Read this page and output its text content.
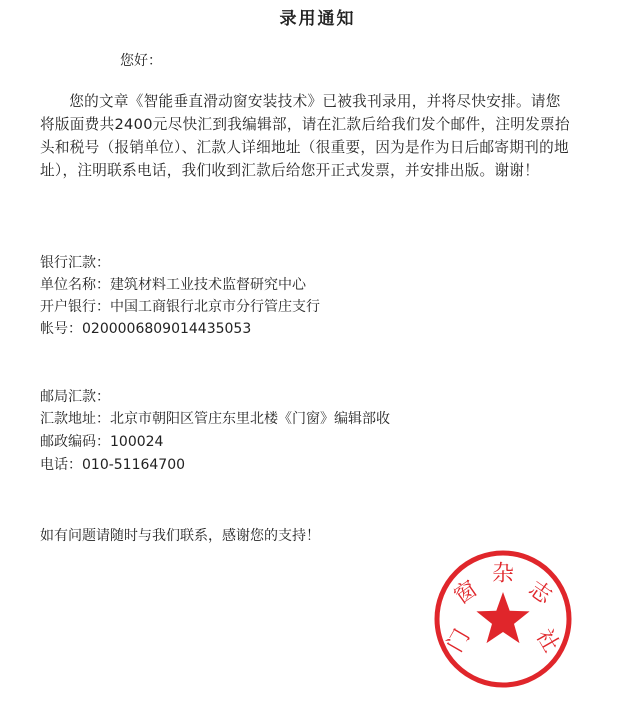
录用通知
您好：
您的文章《智能垂直滑动窗安装技术》已被我刊录用，并将尽快安排。请您将版面费共2400元尽快汇到我编辑部，请在汇款后给我们发个邮件，注明发票抬头和税号（报销单位）、汇款人详细地址（很重要，因为是作为日后邮寄期刊的地址），注明联系电话，我们收到汇款后给您开正式发票，并安排出版。谢谢！
银行汇款：
单位名称：建筑材料工业技术监督研究中心
开户银行：中国工商银行北京市分行管庄支行
帐号：0200006809014435053
邮局汇款：
汇款地址：北京市朝阳区管庄东里北楼《门窗》编辑部收
邮政编码：100024
电话：010-51164700
如有问题请随时与我们联系，感谢您的支持！
门
窗
杂
志
社
